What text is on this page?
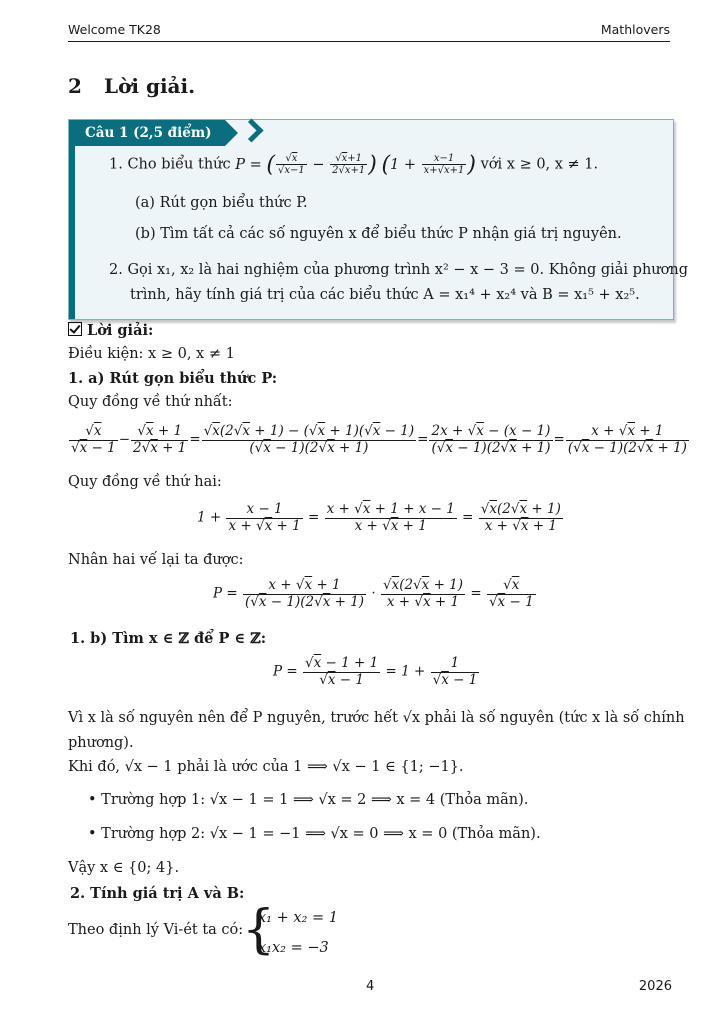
Welcome TK28	Mathlovers
2 Lời giải.
Câu 1 (2,5 điểm)
1. Cho biểu thức P = ( $\frac{√x}{√x-1} - \frac{√x+1}{2√x+1}$ ) ($1 + \frac{x-1}{x+√x+1}$ ) với x ≥ 0, x ≠ 1.
(a) Rút gọn biểu thức P.
(b) Tìm tất cả các số nguyên x để biểu thức P nhận giá trị nguyên.
2. Gọi x₁, x₂ là hai nghiệm của phương trình x² − x − 3 = 0. Không giải phương
trình, hãy tính giá trị của các biểu thức A = x₁⁴ + x₂⁴ và B = x₁⁵ + x₂⁵.
Lời giải:
Điều kiện: x ≥ 0, x ≠ 1
1. a) Rút gọn biểu thức P:
Quy đồng về thứ nhất:
$\frac{√x}{√x - 1} - \frac{√x + 1}{2√x + 1} = \frac{√x(2√x + 1) - (√x + 1)(√x - 1)}{(√x - 1)(2√x + 1)} = \frac{2x + √x - (x - 1)}{(√x - 1)(2√x + 1)} = \frac{x + √x + 1}{(√x - 1)(2√x + 1)}$
Quy đồng về thứ hai:
$1 + \frac{x - 1}{x + √x + 1} = \frac{x + √x + 1 + x - 1}{x + √x + 1} = \frac{√x(2√x + 1)}{x + √x + 1}$
Nhân hai vế lại ta được:
$P = \frac{x + √x + 1}{(√x - 1)(2√x + 1)} \cdot \frac{√x(2√x + 1)}{x + √x + 1} = \frac{√x}{√x - 1}$
1. b) Tìm x ∈ ℤ để P ∈ ℤ:
$P = \frac{√x - 1 + 1}{√x - 1} = 1 + \frac{1}{√x - 1}$
Vì x là số nguyên nên để P nguyên, trước hết √x phải là số nguyên (tức x là số chính
phương).
Khi đó, √x − 1 phải là ước của 1 ⟹ √x − 1 ∈ {1; −1}.
• Trường hợp 1: √x − 1 = 1 ⟹ √x = 2 ⟹ x = 4 (Thỏa mãn).
• Trường hợp 2: √x − 1 = −1 ⟹ √x = 0 ⟹ x = 0 (Thỏa mãn).
Vậy x ∈ {0; 4}.
2. Tính giá trị A và B:
Theo định lý Vi-ét ta có:
{
x₁ + x₂ = 1
x₁x₂ = −3
4	2026
